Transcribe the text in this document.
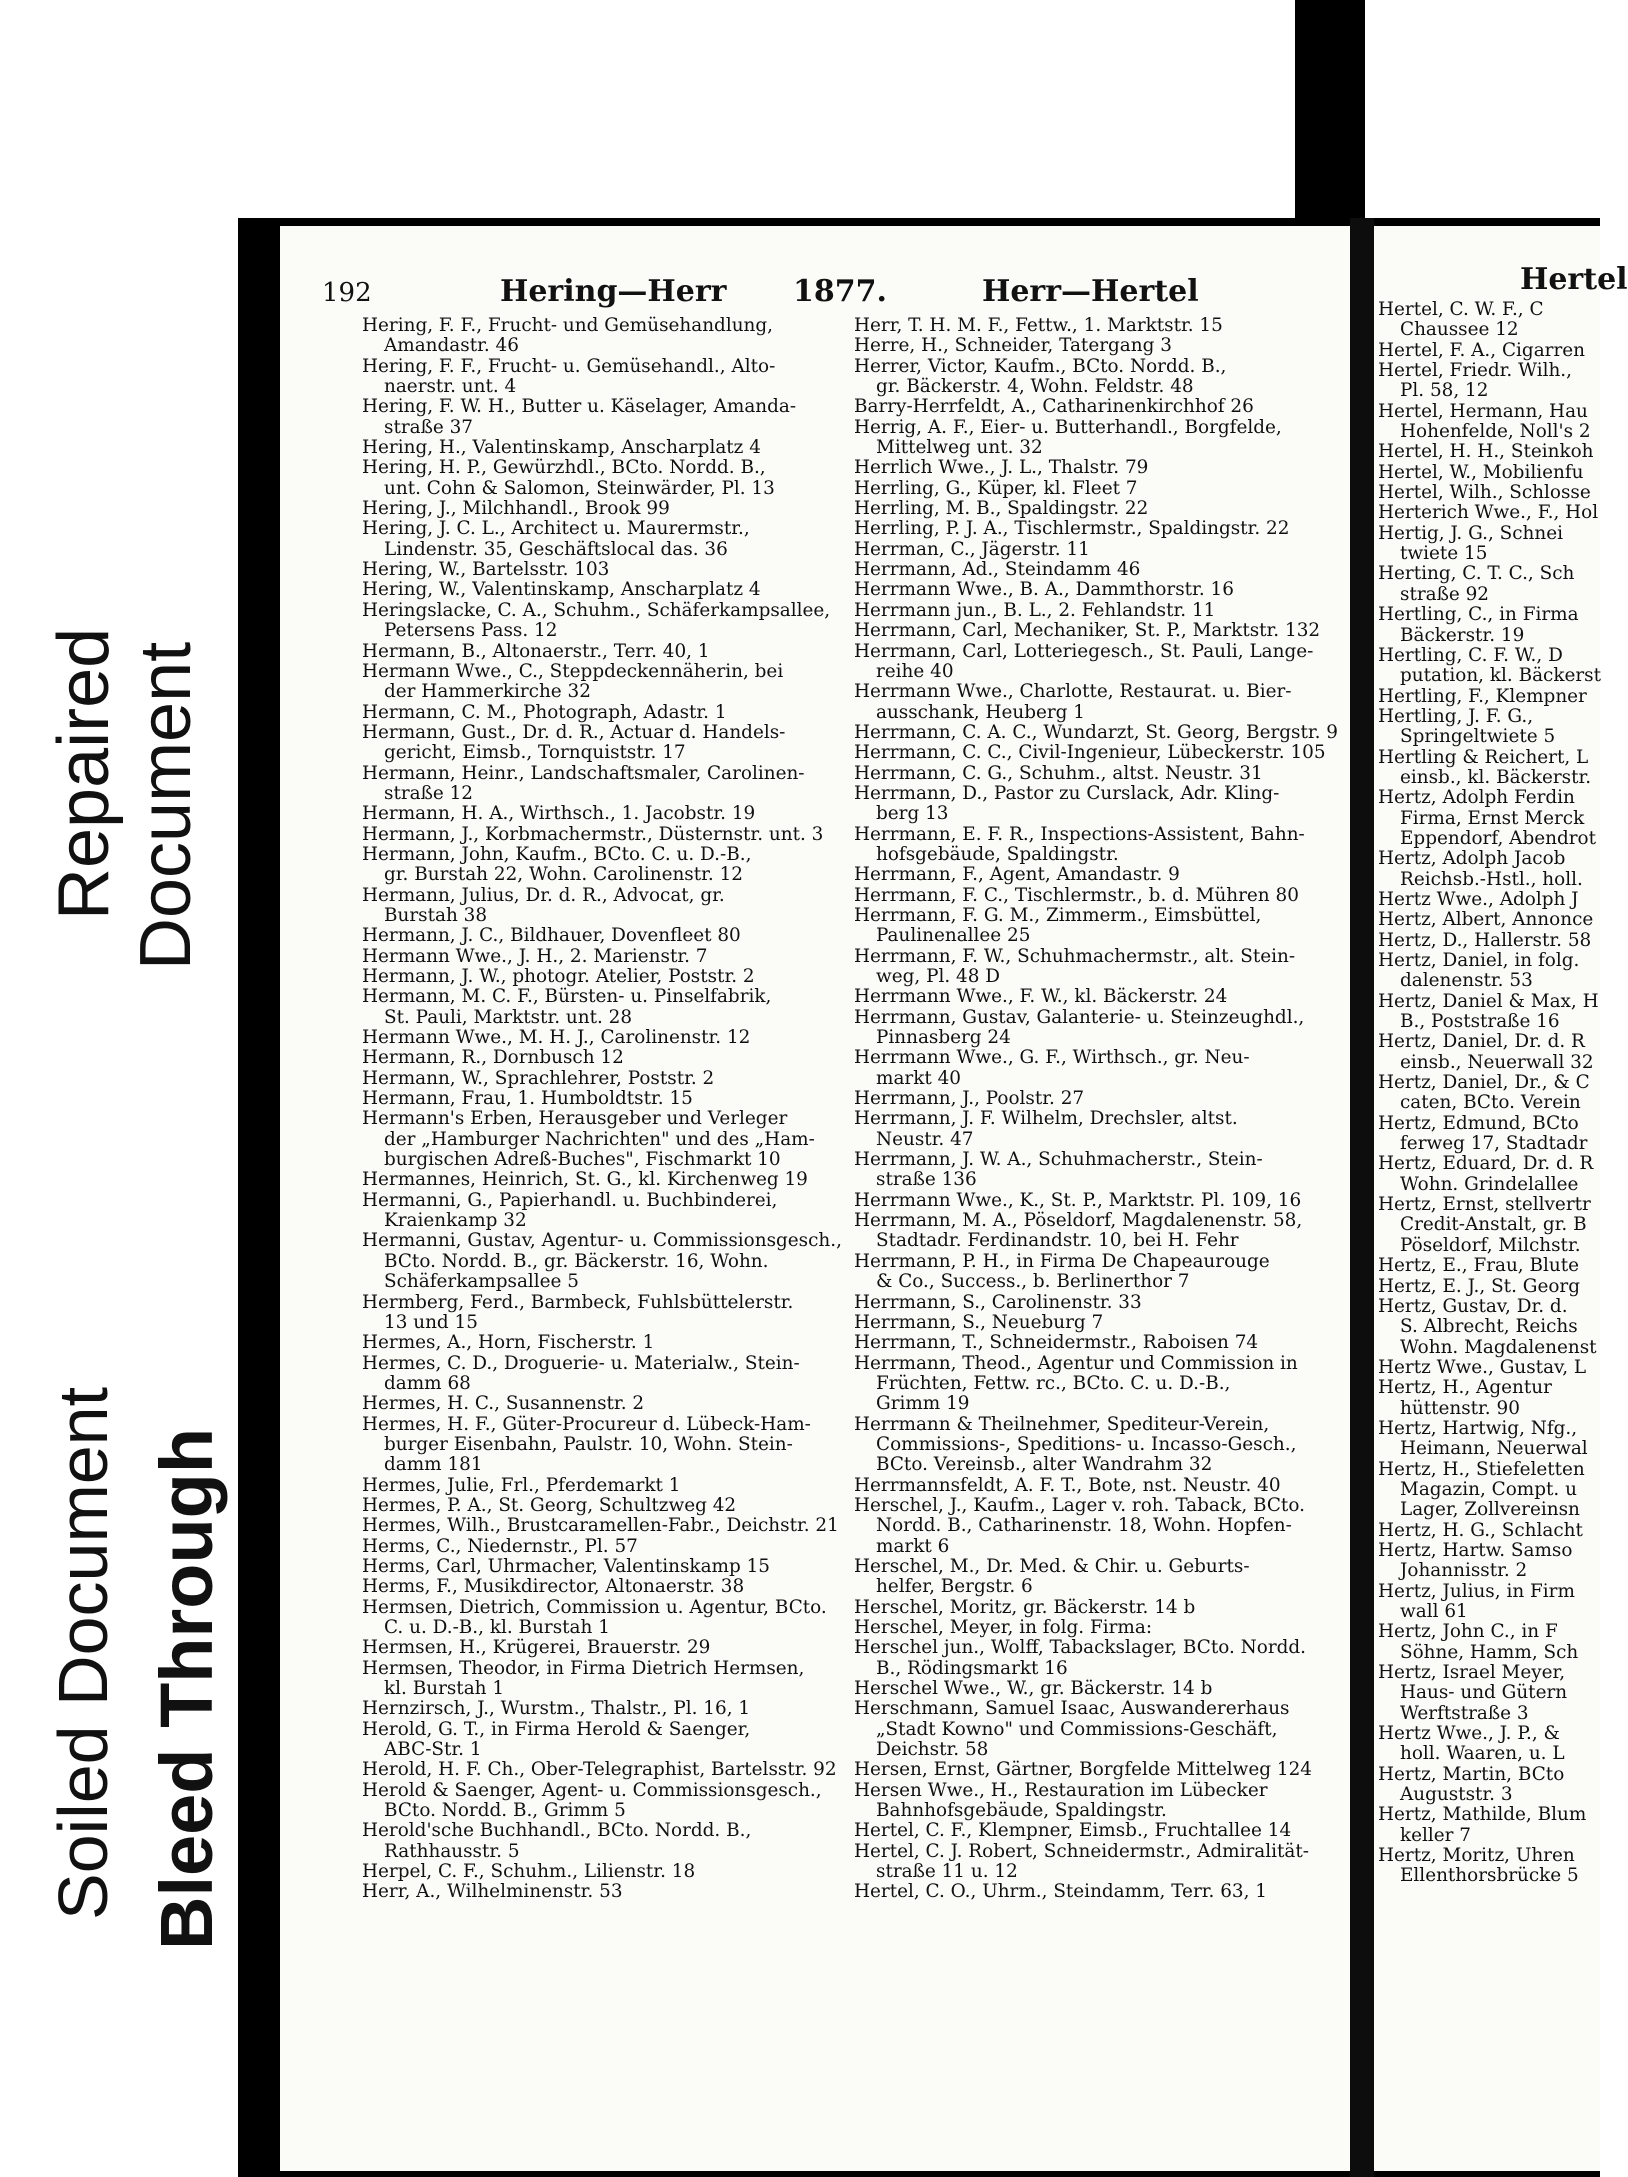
Repaired Document
Soiled Document Bleed Through
192	Hering—Herr 1877.	Herr—Hertel	Hertel
Hering, F. F., Frucht- und Gemüsehandlung,
Amandastr. 46
Hering, F. F., Frucht- u. Gemüsehandl., Alto-
naerstr. unt. 4
Hering, F. W. H., Butter u. Käselager, Amanda-
straße 37
Hering, H., Valentinskamp, Anscharplatz 4
Hering, H. P., Gewürzhdl., BCto. Nordd. B.,
unt. Cohn & Salomon, Steinwärder, Pl. 13
Hering, J., Milchhandl., Brook 99
Hering, J. C. L., Architect u. Maurermstr.,
Lindenstr. 35, Geschäftslocal das. 36
Hering, W., Bartelsstr. 103
Hering, W., Valentinskamp, Anscharplatz 4
Heringslacke, C. A., Schuhm., Schäferkampsallee,
Petersens Pass. 12
Hermann, B., Altonaerstr., Terr. 40, 1
Hermann Wwe., C., Steppdeckennäherin, bei
der Hammerkirche 32
Hermann, C. M., Photograph, Adastr. 1
Hermann, Gust., Dr. d. R., Actuar d. Handels-
gericht, Eimsb., Tornquiststr. 17
Hermann, Heinr., Landschaftsmaler, Carolinen-
straße 12
Hermann, H. A., Wirthsch., 1. Jacobstr. 19
Hermann, J., Korbmachermstr., Düsternstr. unt. 3
Hermann, John, Kaufm., BCto. C. u. D.-B.,
gr. Burstah 22, Wohn. Carolinenstr. 12
Hermann, Julius, Dr. d. R., Advocat, gr.
Burstah 38
Hermann, J. C., Bildhauer, Dovenfleet 80
Hermann Wwe., J. H., 2. Marienstr. 7
Hermann, J. W., photogr. Atelier, Poststr. 2
Hermann, M. C. F., Bürsten- u. Pinselfabrik,
St. Pauli, Marktstr. unt. 28
Hermann Wwe., M. H. J., Carolinenstr. 12
Hermann, R., Dornbusch 12
Hermann, W., Sprachlehrer, Poststr. 2
Hermann, Frau, 1. Humboldtstr. 15
Hermann's Erben, Herausgeber und Verleger
der „Hamburger Nachrichten" und des „Ham-
burgischen Adreß-Buches", Fischmarkt 10
Hermannes, Heinrich, St. G., kl. Kirchenweg 19
Hermanni, G., Papierhandl. u. Buchbinderei,
Kraienkamp 32
Hermanni, Gustav, Agentur- u. Commissionsgesch.,
BCto. Nordd. B., gr. Bäckerstr. 16, Wohn.
Schäferkampsallee 5
Hermberg, Ferd., Barmbeck, Fuhlsbüttelerstr.
13 und 15
Hermes, A., Horn, Fischerstr. 1
Hermes, C. D., Droguerie- u. Materialw., Stein-
damm 68
Hermes, H. C., Susannenstr. 2
Hermes, H. F., Güter-Procureur d. Lübeck-Ham-
burger Eisenbahn, Paulstr. 10, Wohn. Stein-
damm 181
Hermes, Julie, Frl., Pferdemarkt 1
Hermes, P. A., St. Georg, Schultzweg 42
Hermes, Wilh., Brustcaramellen-Fabr., Deichstr. 21
Herms, C., Niedernstr., Pl. 57
Herms, Carl, Uhrmacher, Valentinskamp 15
Herms, F., Musikdirector, Altonaerstr. 38
Hermsen, Dietrich, Commission u. Agentur, BCto.
C. u. D.-B., kl. Burstah 1
Hermsen, H., Krügerei, Brauerstr. 29
Hermsen, Theodor, in Firma Dietrich Hermsen,
kl. Burstah 1
Hernzirsch, J., Wurstm., Thalstr., Pl. 16, 1
Herold, G. T., in Firma Herold & Saenger,
ABC-Str. 1
Herold, H. F. Ch., Ober-Telegraphist, Bartelsstr. 92
Herold & Saenger, Agent- u. Commissionsgesch.,
BCto. Nordd. B., Grimm 5
Herold'sche Buchhandl., BCto. Nordd. B.,
Rathhausstr. 5
Herpel, C. F., Schuhm., Lilienstr. 18
Herr, A., Wilhelminenstr. 53
Herr, T. H. M. F., Fettw., 1. Marktstr. 15
Herre, H., Schneider, Tatergang 3
Herrer, Victor, Kaufm., BCto. Nordd. B.,
gr. Bäckerstr. 4, Wohn. Feldstr. 48
Barry-Herrfeldt, A., Catharinenkirchhof 26
Herrig, A. F., Eier- u. Butterhandl., Borgfelde,
Mittelweg unt. 32
Herrlich Wwe., J. L., Thalstr. 79
Herrling, G., Küper, kl. Fleet 7
Herrling, M. B., Spaldingstr. 22
Herrling, P. J. A., Tischlermstr., Spaldingstr. 22
Herrman, C., Jägerstr. 11
Herrmann, Ad., Steindamm 46
Herrmann Wwe., B. A., Dammthorstr. 16
Herrmann jun., B. L., 2. Fehlandstr. 11
Herrmann, Carl, Mechaniker, St. P., Marktstr. 132
Herrmann, Carl, Lotteriegesch., St. Pauli, Lange-
reihe 40
Herrmann Wwe., Charlotte, Restaurat. u. Bier-
ausschank, Heuberg 1
Herrmann, C. A. C., Wundarzt, St. Georg, Bergstr. 9
Herrmann, C. C., Civil-Ingenieur, Lübeckerstr. 105
Herrmann, C. G., Schuhm., altst. Neustr. 31
Herrmann, D., Pastor zu Curslack, Adr. Kling-
berg 13
Herrmann, E. F. R., Inspections-Assistent, Bahn-
hofsgebäude, Spaldingstr.
Herrmann, F., Agent, Amandastr. 9
Herrmann, F. C., Tischlermstr., b. d. Mühren 80
Herrmann, F. G. M., Zimmerm., Eimsbüttel,
Paulinenallee 25
Herrmann, F. W., Schuhmachermstr., alt. Stein-
weg, Pl. 48 D
Herrmann Wwe., F. W., kl. Bäckerstr. 24
Herrmann, Gustav, Galanterie- u. Steinzeughdl.,
Pinnasberg 24
Herrmann Wwe., G. F., Wirthsch., gr. Neu-
markt 40
Herrmann, J., Poolstr. 27
Herrmann, J. F. Wilhelm, Drechsler, altst.
Neustr. 47
Herrmann, J. W. A., Schuhmacherstr., Stein-
straße 136
Herrmann Wwe., K., St. P., Marktstr. Pl. 109, 16
Herrmann, M. A., Pöseldorf, Magdalenenstr. 58,
Stadtadr. Ferdinandstr. 10, bei H. Fehr
Herrmann, P. H., in Firma De Chapeaurouge
& Co., Success., b. Berlinerthor 7
Herrmann, S., Carolinenstr. 33
Herrmann, S., Neueburg 7
Herrmann, T., Schneidermstr., Raboisen 74
Herrmann, Theod., Agentur und Commission in
Früchten, Fettw. rc., BCto. C. u. D.-B.,
Grimm 19
Herrmann & Theilnehmer, Spediteur-Verein,
Commissions-, Speditions- u. Incasso-Gesch.,
BCto. Vereinsb., alter Wandrahm 32
Herrmannsfeldt, A. F. T., Bote, nst. Neustr. 40
Herschel, J., Kaufm., Lager v. roh. Taback, BCto.
Nordd. B., Catharinenstr. 18, Wohn. Hopfen-
markt 6
Herschel, M., Dr. Med. & Chir. u. Geburts-
helfer, Bergstr. 6
Herschel, Moritz, gr. Bäckerstr. 14 b
Herschel, Meyer, in folg. Firma:
Herschel jun., Wolff, Tabackslager, BCto. Nordd.
B., Rödingsmarkt 16
Herschel Wwe., W., gr. Bäckerstr. 14 b
Herschmann, Samuel Isaac, Auswandererhaus
„Stadt Kowno" und Commissions-Geschäft,
Deichstr. 58
Hersen, Ernst, Gärtner, Borgfelde Mittelweg 124
Hersen Wwe., H., Restauration im Lübecker
Bahnhofsgebäude, Spaldingstr.
Hertel, C. F., Klempner, Eimsb., Fruchtallee 14
Hertel, C. J. Robert, Schneidermstr., Admiralität-
straße 11 u. 12
Hertel, C. O., Uhrm., Steindamm, Terr. 63, 1
Hertel, C. W. F., C
Chaussee 12
Hertel, F. A., Cigarren
Hertel, Friedr. Wilh.,
Pl. 58, 12
Hertel, Hermann, Hau
Hohenfelde, Noll's 2
Hertel, H. H., Steinkoh
Hertel, W., Mobilienfu
Hertel, Wilh., Schlosse
Herterich Wwe., F., Hol
Hertig, J. G., Schnei
twiete 15
Herting, C. T. C., Sch
straße 92
Hertling, C., in Firma
Bäckerstr. 19
Hertling, C. F. W., D
putation, kl. Bäckerst
Hertling, F., Klempner
Hertling, J. F. G.,
Springeltwiete 5
Hertling & Reichert, L
einsb., kl. Bäckerstr.
Hertz, Adolph Ferdin
Firma, Ernst Merck
Eppendorf, Abendrot
Hertz, Adolph Jacob
Reichsb.-Hstl., holl.
Hertz Wwe., Adolph J
Hertz, Albert, Annonce
Hertz, D., Hallerstr. 58
Hertz, Daniel, in folg.
dalenenstr. 53
Hertz, Daniel & Max, H
B., Poststraße 16
Hertz, Daniel, Dr. d. R
einsb., Neuerwall 32
Hertz, Daniel, Dr., & C
caten, BCto. Verein
Hertz, Edmund, BCto
ferweg 17, Stadtadr
Hertz, Eduard, Dr. d. R
Wohn. Grindelallee
Hertz, Ernst, stellvertr
Credit-Anstalt, gr. B
Pöseldorf, Milchstr.
Hertz, E., Frau, Blute
Hertz, E. J., St. Georg
Hertz, Gustav, Dr. d.
S. Albrecht, Reichs
Wohn. Magdalenenst
Hertz Wwe., Gustav, L
Hertz, H., Agentur
hüttenstr. 90
Hertz, Hartwig, Nfg.,
Heimann, Neuerwal
Hertz, H., Stiefeletten
Magazin, Compt. u
Lager, Zollvereinsn
Hertz, H. G., Schlacht
Hertz, Hartw. Samso
Johannisstr. 2
Hertz, Julius, in Firm
wall 61
Hertz, John C., in F
Söhne, Hamm, Sch
Hertz, Israel Meyer,
Haus- und Gütern
Werftstraße 3
Hertz Wwe., J. P., &
holl. Waaren, u. L
Hertz, Martin, BCto
Auguststr. 3
Hertz, Mathilde, Blum
keller 7
Hertz, Moritz, Uhren
Ellenthorsbrücke 5
